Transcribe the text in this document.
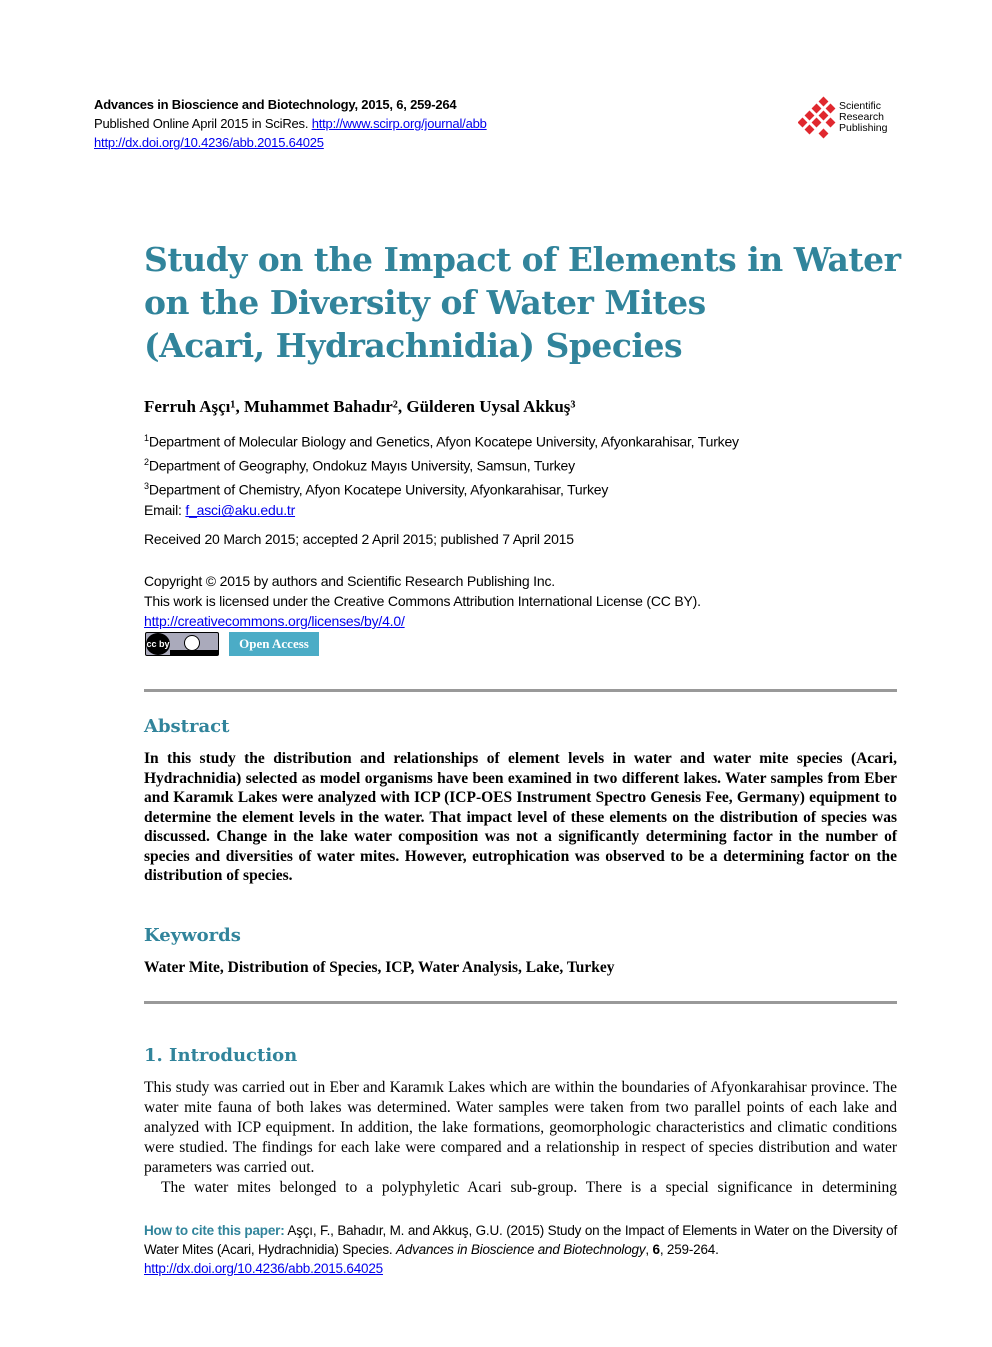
Advances in Bioscience and Biotechnology, 2015, 6, 259-264
Published Online April 2015 in SciRes. http://www.scirp.org/journal/abb
http://dx.doi.org/10.4236/abb.2015.64025
Scientific
Research
Publishing
Study on the Impact of Elements in Water
on the Diversity of Water Mites
(Acari, Hydrachnidia) Species
Ferruh Aşçı¹, Muhammet Bahadır², Gülderen Uysal Akkuş³
$^1$Department of Molecular Biology and Genetics, Afyon Kocatepe University, Afyonkarahisar, Turkey
$^2$Department of Geography, Ondokuz Mayıs University, Samsun, Turkey
$^3$Department of Chemistry, Afyon Kocatepe University, Afyonkarahisar, Turkey
Email: f_asci@aku.edu.tr
Received 20 March 2015; accepted 2 April 2015; published 7 April 2015
Copyright © 2015 by authors and Scientific Research Publishing Inc.
This work is licensed under the Creative Commons Attribution International License (CC BY).
http://creativecommons.org/licenses/by/4.0/
cc by	Open Access
Abstract
In this study the distribution and relationships of element levels in water and water mite species (Acari, Hydrachnidia) selected as model organisms have been examined in two different lakes. Water samples from Eber and Karamık Lakes were analyzed with ICP (ICP-OES Instrument Spectro Genesis Fee, Germany) equipment to determine the element levels in the water. That impact level of these elements on the distribution of species was discussed. Change in the lake water composition was not a significantly determining factor in the number of species and diversities of water mites. However, eutrophication was observed to be a determining factor on the distribution of species.
Keywords
Water Mite, Distribution of Species, ICP, Water Analysis, Lake, Turkey
1. Introduction
This study was carried out in Eber and Karamık Lakes which are within the boundaries of Afyonkarahisar province. The water mite fauna of both lakes was determined. Water samples were taken from two parallel points of each lake and analyzed with ICP equipment. In addition, the lake formations, geomorphologic characteristics and climatic conditions were studied. The findings for each lake were compared and a relationship in respect of species distribution and water parameters was carried out.
The water mites belonged to a polyphyletic Acari sub-group. There is a special significance in determining
How to cite this paper: Aşçı, F., Bahadır, M. and Akkuş, G.U. (2015) Study on the Impact of Elements in Water on the Diversity of Water Mites (Acari, Hydrachnidia) Species. Advances in Bioscience and Biotechnology, 6, 259-264.
http://dx.doi.org/10.4236/abb.2015.64025
